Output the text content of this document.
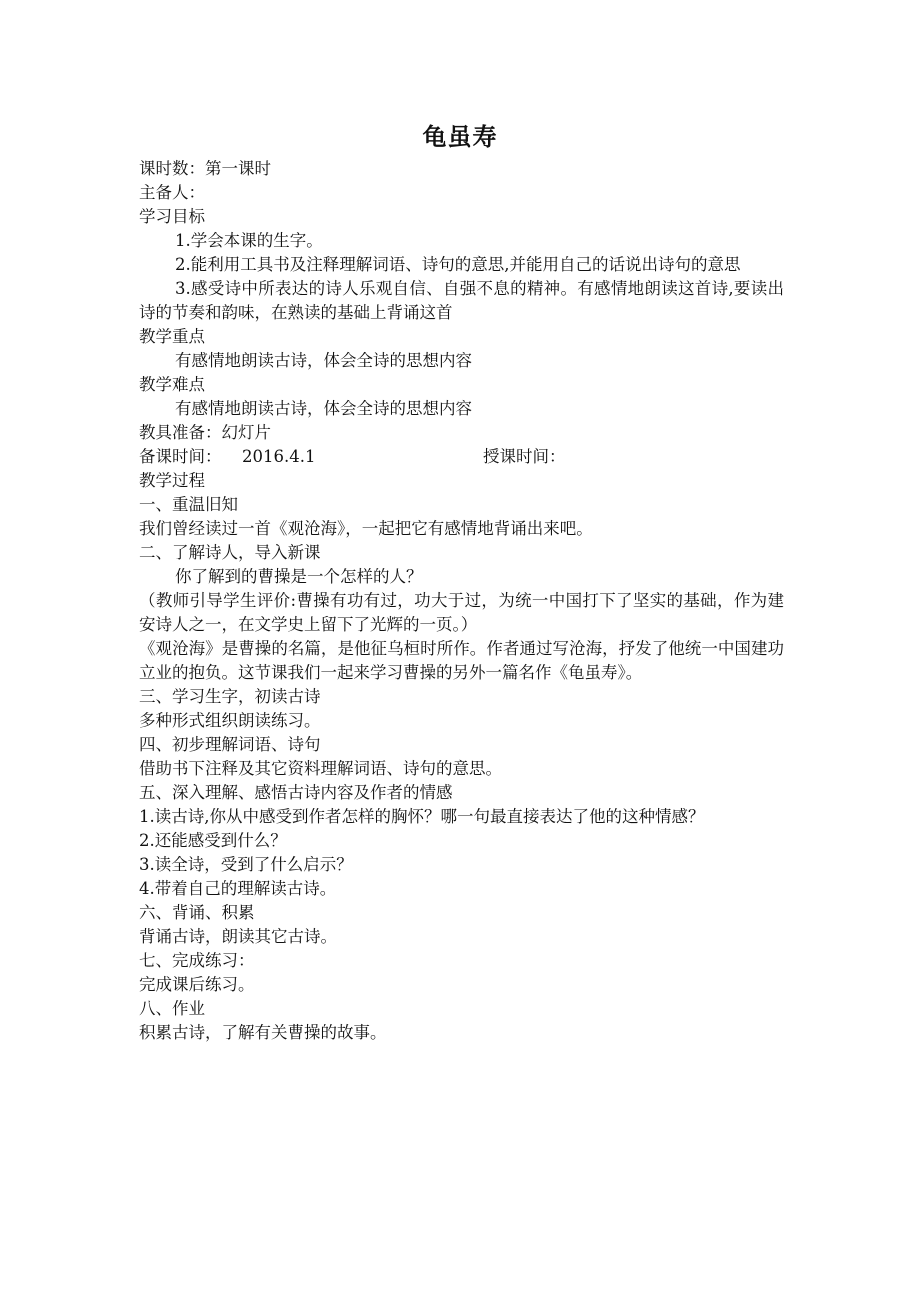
龟虽寿

课时数：第一课时

主备人：

学习目标

1.学会本课的生字。

2.能利用工具书及注释理解词语、诗句的意思,并能用自己的话说出诗句的意思

3.感受诗中所表达的诗人乐观自信、自强不息的精神。有感情地朗读这首诗,要读出诗的节奏和韵味，在熟读的基础上背诵这首

教学重点

有感情地朗读古诗，体会全诗的思想内容

教学难点

有感情地朗读古诗，体会全诗的思想内容

教具准备：幻灯片

备课时间： 2016.4.1	授课时间：

教学过程

一、重温旧知

我们曾经读过一首《观沧海》，一起把它有感情地背诵出来吧。

二、了解诗人，导入新课

你了解到的曹操是一个怎样的人？

（教师引导学生评价:曹操有功有过，功大于过，为统一中国打下了坚实的基础，作为建安诗人之一，在文学史上留下了光辉的一页。）

《观沧海》是曹操的名篇，是他征乌桓时所作。作者通过写沧海，抒发了他统一中国建功立业的抱负。这节课我们一起来学习曹操的另外一篇名作《龟虽寿》。

三、学习生字，初读古诗

多种形式组织朗读练习。

四、初步理解词语、诗句

借助书下注释及其它资料理解词语、诗句的意思。

五、深入理解、感悟古诗内容及作者的情感

1.读古诗,你从中感受到作者怎样的胸怀？哪一句最直接表达了他的这种情感？

2.还能感受到什么？

3.读全诗，受到了什么启示？

4.带着自己的理解读古诗。

六、背诵、积累

背诵古诗，朗读其它古诗。

七、完成练习：

完成课后练习。

八、作业

积累古诗，了解有关曹操的故事。
